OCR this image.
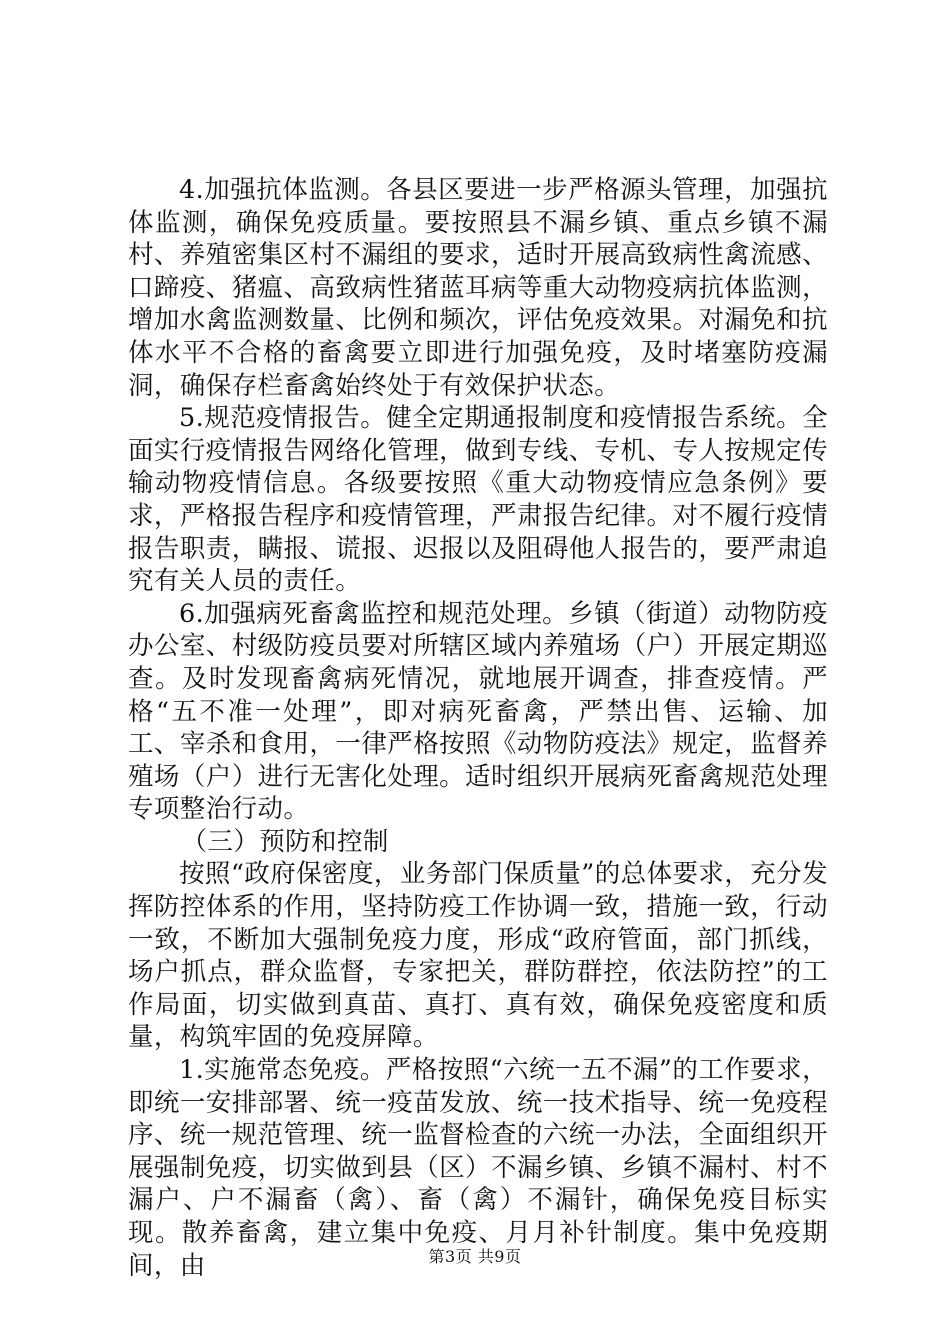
4.加强抗体监测。各县区要进一步严格源头管理，加强抗体监测，确保免疫质量。要按照县不漏乡镇、重点乡镇不漏村、养殖密集区村不漏组的要求，适时开展高致病性禽流感、口蹄疫、猪瘟、高致病性猪蓝耳病等重大动物疫病抗体监测，增加水禽监测数量、比例和频次，评估免疫效果。对漏免和抗体水平不合格的畜禽要立即进行加强免疫，及时堵塞防疫漏洞，确保存栏畜禽始终处于有效保护状态。

5.规范疫情报告。健全定期通报制度和疫情报告系统。全面实行疫情报告网络化管理，做到专线、专机、专人按规定传输动物疫情信息。各级要按照《重大动物疫情应急条例》要求，严格报告程序和疫情管理，严肃报告纪律。对不履行疫情报告职责，瞒报、谎报、迟报以及阻碍他人报告的，要严肃追究有关人员的责任。

6.加强病死畜禽监控和规范处理。乡镇（街道）动物防疫办公室、村级防疫员要对所辖区域内养殖场（户）开展定期巡查。及时发现畜禽病死情况，就地展开调查，排查疫情。严格“五不准一处理”，即对病死畜禽，严禁出售、运输、加工、宰杀和食用，一律严格按照《动物防疫法》规定，监督养殖场（户）进行无害化处理。适时组织开展病死畜禽规范处理专项整治行动。

（三）预防和控制

按照“政府保密度，业务部门保质量”的总体要求，充分发挥防控体系的作用，坚持防疫工作协调一致，措施一致，行动一致，不断加大强制免疫力度，形成“政府管面，部门抓线，场户抓点，群众监督，专家把关，群防群控，依法防控”的工作局面，切实做到真苗、真打、真有效，确保免疫密度和质量，构筑牢固的免疫屏障。

1.实施常态免疫。严格按照“六统一五不漏”的工作要求，即统一安排部署、统一疫苗发放、统一技术指导、统一免疫程序、统一规范管理、统一监督检查的六统一办法，全面组织开展强制免疫，切实做到县（区）不漏乡镇、乡镇不漏村、村不漏户、户不漏畜（禽）、畜（禽）不漏针，确保免疫目标实现。散养畜禽，建立集中免疫、月月补针制度。集中免疫期间，由	第3页 共9页
